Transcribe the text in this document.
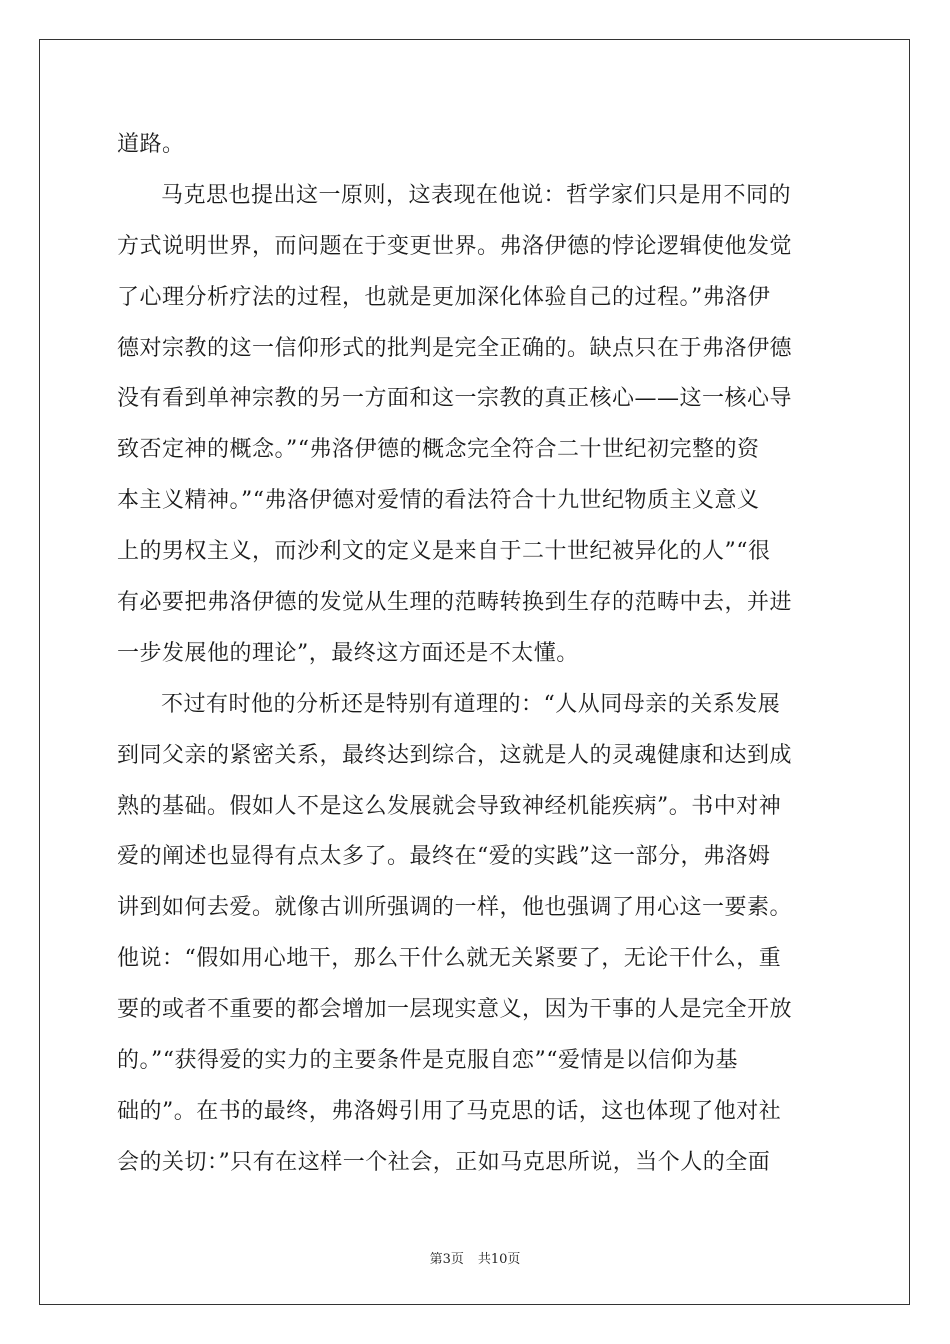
道路。
马克思也提出这一原则，这表现在他说：哲学家们只是用不同的
方式说明世界，而问题在于变更世界。弗洛伊德的悖论逻辑使他发觉
了心理分析疗法的过程，也就是更加深化体验自己的过程。”弗洛伊
德对宗教的这一信仰形式的批判是完全正确的。缺点只在于弗洛伊德
没有看到单神宗教的另一方面和这一宗教的真正核心——这一核心导
致否定神的概念。”“弗洛伊德的概念完全符合二十世纪初完整的资
本主义精神。”“弗洛伊德对爱情的看法符合十九世纪物质主义意义
上的男权主义，而沙利文的定义是来自于二十世纪被异化的人”“很
有必要把弗洛伊德的发觉从生理的范畴转换到生存的范畴中去，并进
一步发展他的理论”，最终这方面还是不太懂。
不过有时他的分析还是特别有道理的：“人从同母亲的关系发展
到同父亲的紧密关系，最终达到综合，这就是人的灵魂健康和达到成
熟的基础。假如人不是这么发展就会导致神经机能疾病”。书中对神
爱的阐述也显得有点太多了。最终在“爱的实践”这一部分，弗洛姆
讲到如何去爱。就像古训所强调的一样，他也强调了用心这一要素。
他说：“假如用心地干，那么干什么就无关紧要了，无论干什么，重
要的或者不重要的都会增加一层现实意义，因为干事的人是完全开放
的。”“获得爱的实力的主要条件是克服自恋”“爱情是以信仰为基
础的”。在书的最终，弗洛姆引用了马克思的话，这也体现了他对社
会的关切：”只有在这样一个社会，正如马克思所说，当个人的全面
第3页 共10页
